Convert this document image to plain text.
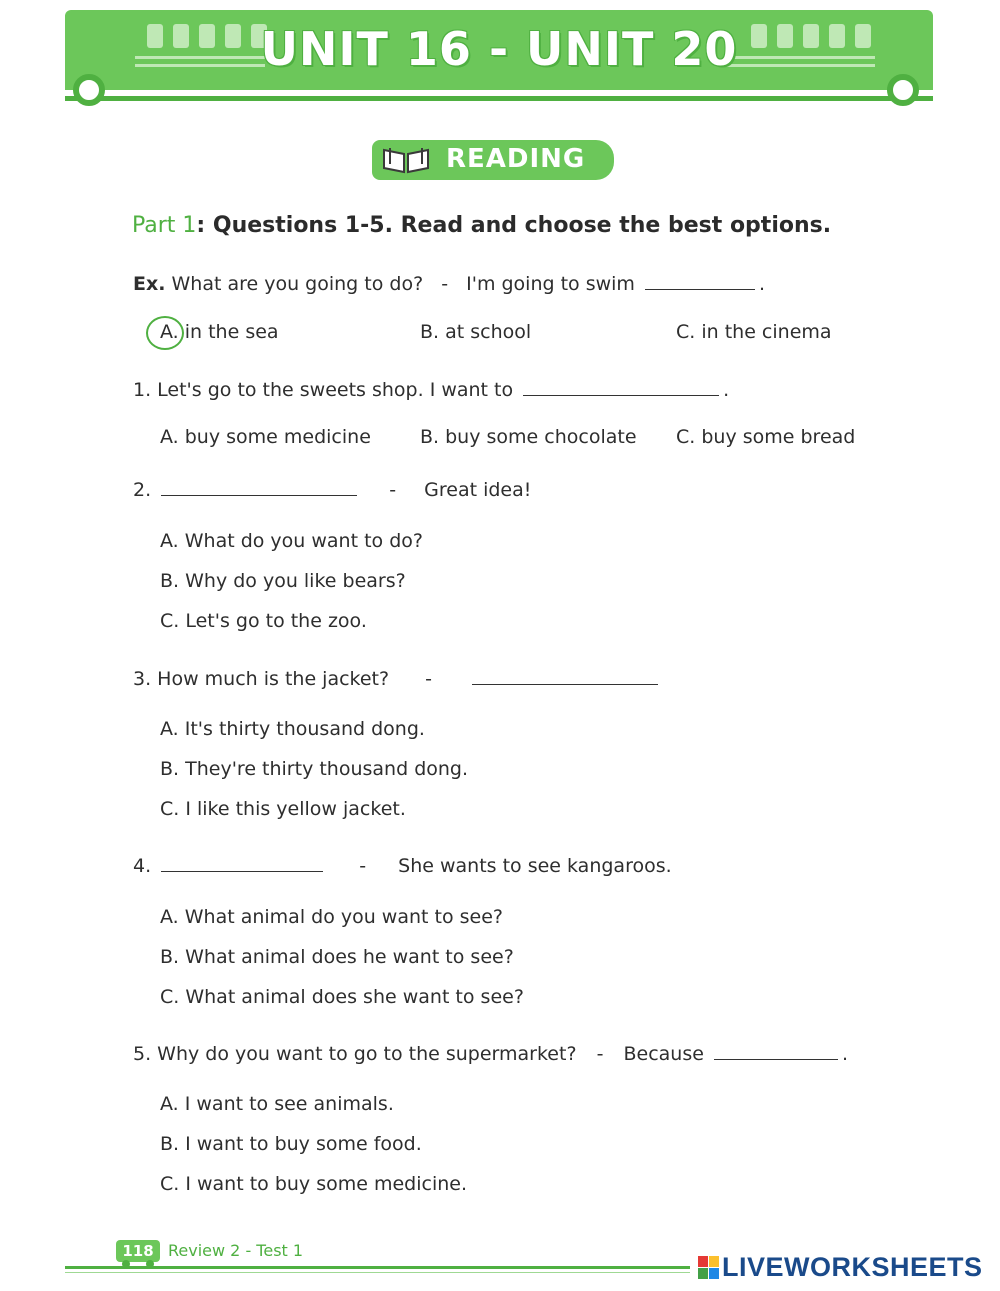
UNIT 16 - UNIT 20
READING
Part 1: Questions 1-5. Read and choose the best options.
Ex. What are you going to do? - I'm going to swim	.
A. in the sea	B. at school	C. in the cinema
1. Let's go to the sweets shop. I want to	.
A. buy some medicine	B. buy some chocolate C. buy some bread
2.	- Great idea!
A. What do you want to do?
B. Why do you like bears?
C. Let's go to the zoo.
3. How much is the jacket? -
A. It's thirty thousand dong.
B. They're thirty thousand dong.
C. I like this yellow jacket.
4.	- She wants to see kangaroos.
A. What animal do you want to see?
B. What animal does he want to see?
C. What animal does she want to see?
5. Why do you want to go to the supermarket? - Because	.
A. I want to see animals.
B. I want to buy some food.
C. I want to buy some medicine.
118 Review 2 - Test 1
LIVEWORKSHEETS
